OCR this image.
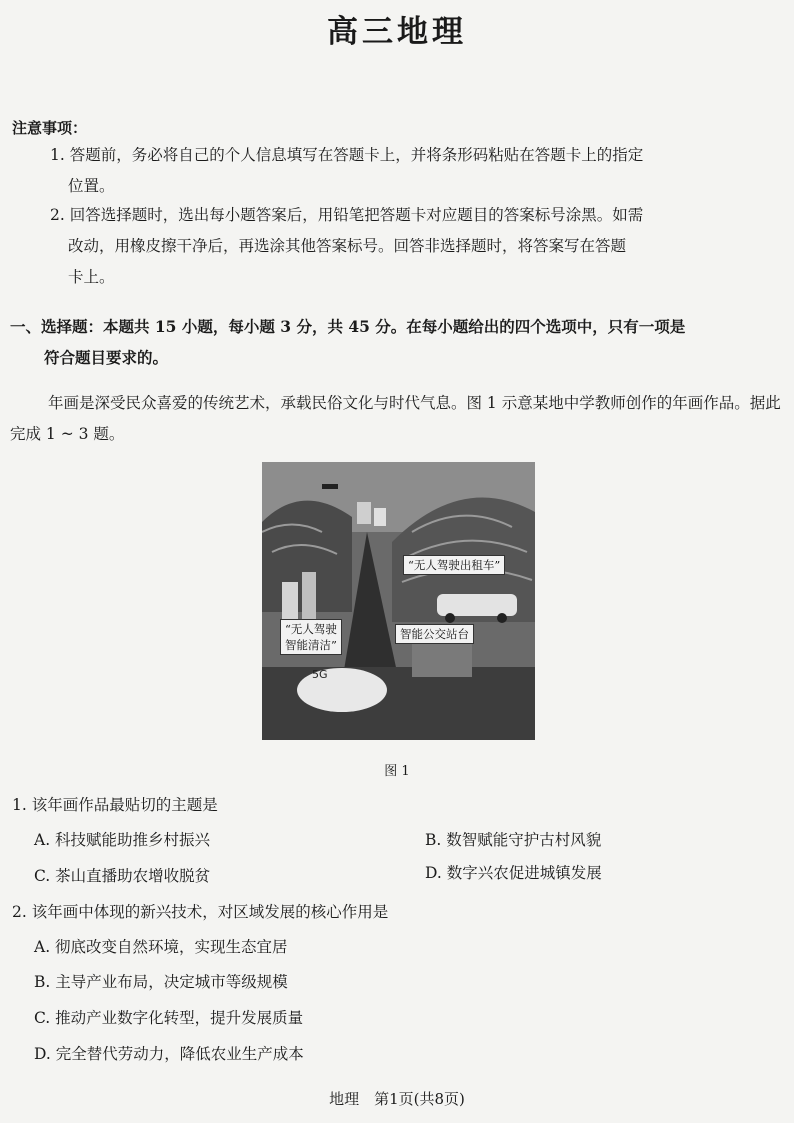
高三地理
注意事项：
1. 答题前，务必将自己的个人信息填写在答题卡上，并将条形码粘贴在答题卡上的指定
位置。
2. 回答选择题时，选出每小题答案后，用铅笔把答题卡对应题目的答案标号涂黑。如需
改动，用橡皮擦干净后，再选涂其他答案标号。回答非选择题时，将答案写在答题
卡上。
一、选择题：本题共 15 小题，每小题 3 分，共 45 分。在每小题给出的四个选项中，只有一项是
符合题目要求的。
年画是深受民众喜爱的传统艺术，承载民俗文化与时代气息。图 1 示意某地中学教师创作的年画作品。据此完成 1 ~ 3 题。
“无人驾驶出租车”
“无人驾驶
智能清洁”
智能公交站台
5G
图 1
1. 该年画作品最贴切的主题是
A. 科技赋能助推乡村振兴	B. 数智赋能守护古村风貌
C. 茶山直播助农增收脱贫	D. 数字兴农促进城镇发展
2. 该年画中体现的新兴技术，对区域发展的核心作用是
A. 彻底改变自然环境，实现生态宜居
B. 主导产业布局，决定城市等级规模
C. 推动产业数字化转型，提升发展质量
D. 完全替代劳动力，降低农业生产成本
地理　第1页(共8页)
